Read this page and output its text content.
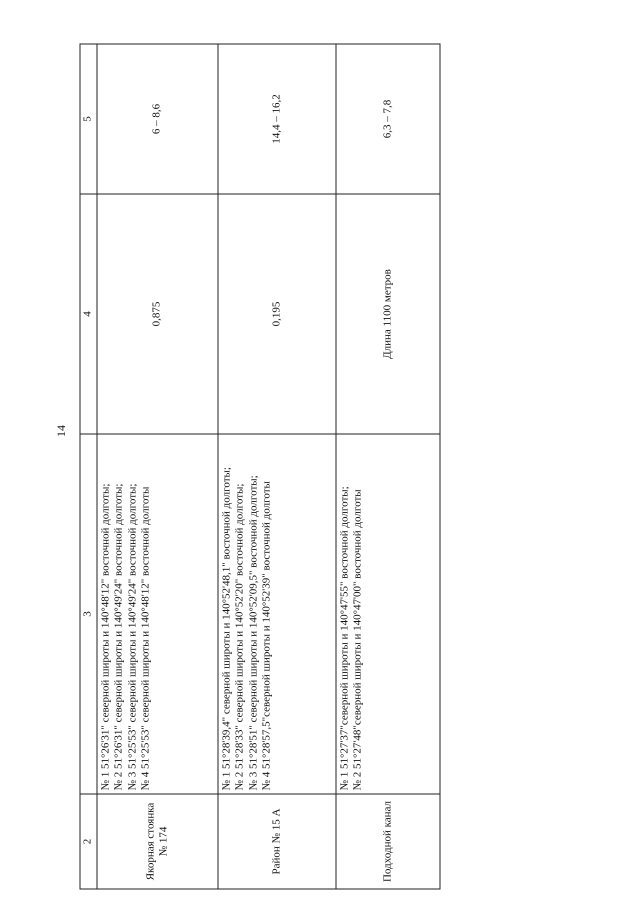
14
2	3	4	5
Якорная стоянка № 174	№ 1 51°26'31" северной широты и 140°48'12" восточной долготы; № 2 51°26'31" северной широты и 140°49'24" восточной долготы; № 3 51°25'53" северной широты и 140°49'24" восточной долготы; № 4 51°25'53" северной широты и 140°48'12" восточной долготы	0,875	6 – 8,6
Район № 15 А	№ 1 51°28'39,4" северной широты и 140°52'48,1" восточной долготы; № 2 51°28'33" северной широты и 140°52'20" восточной долготы; № 3 51°28'51" северной широты и 140°52'09,5" восточной долготы; № 4 51°28'57,5"северной широты и 140°52'39" восточной долготы	0,195	14,4 – 16,2
Подходной канал	№ 1 51°27'37"северной широты и 140°47'55" восточной долготы; № 2 51°27'48"северной широты и 140°47'00" восточной долготы	Длина 1100 метров	6,3 – 7,8
